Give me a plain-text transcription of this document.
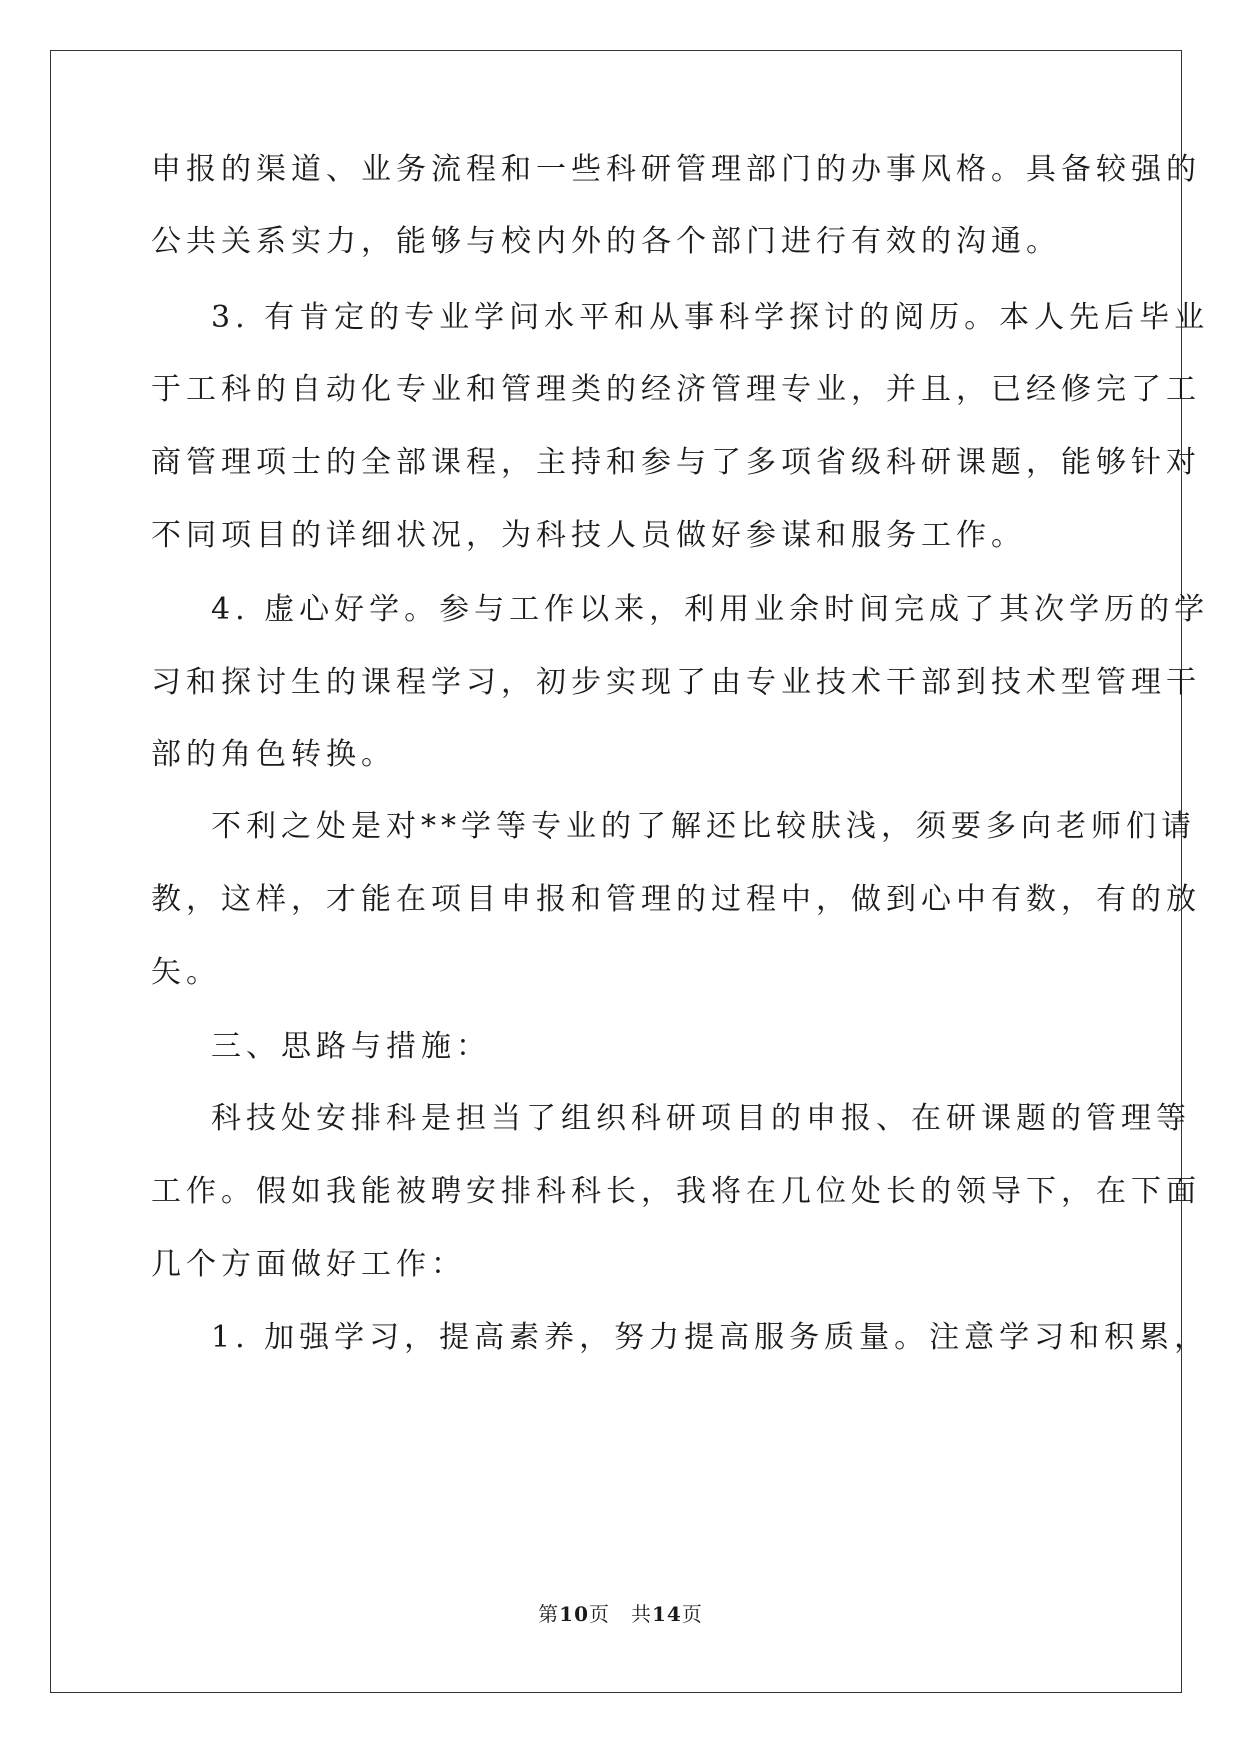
申报的渠道、业务流程和一些科研管理部门的办事风格。具备较强的
公共关系实力，能够与校内外的各个部门进行有效的沟通。
3. 有肯定的专业学问水平和从事科学探讨的阅历。本人先后毕业
于工科的自动化专业和管理类的经济管理专业，并且，已经修完了工
商管理项士的全部课程，主持和参与了多项省级科研课题，能够针对
不同项目的详细状况，为科技人员做好参谋和服务工作。
4. 虚心好学。参与工作以来，利用业余时间完成了其次学历的学
习和探讨生的课程学习，初步实现了由专业技术干部到技术型管理干
部的角色转换。
不利之处是对**学等专业的了解还比较肤浅，须要多向老师们请
教，这样，才能在项目申报和管理的过程中，做到心中有数，有的放
矢。
三、思路与措施：
科技处安排科是担当了组织科研项目的申报、在研课题的管理等
工作。假如我能被聘安排科科长，我将在几位处长的领导下，在下面
几个方面做好工作：
1. 加强学习，提高素养，努力提高服务质量。注意学习和积累，
第10页　共14页
